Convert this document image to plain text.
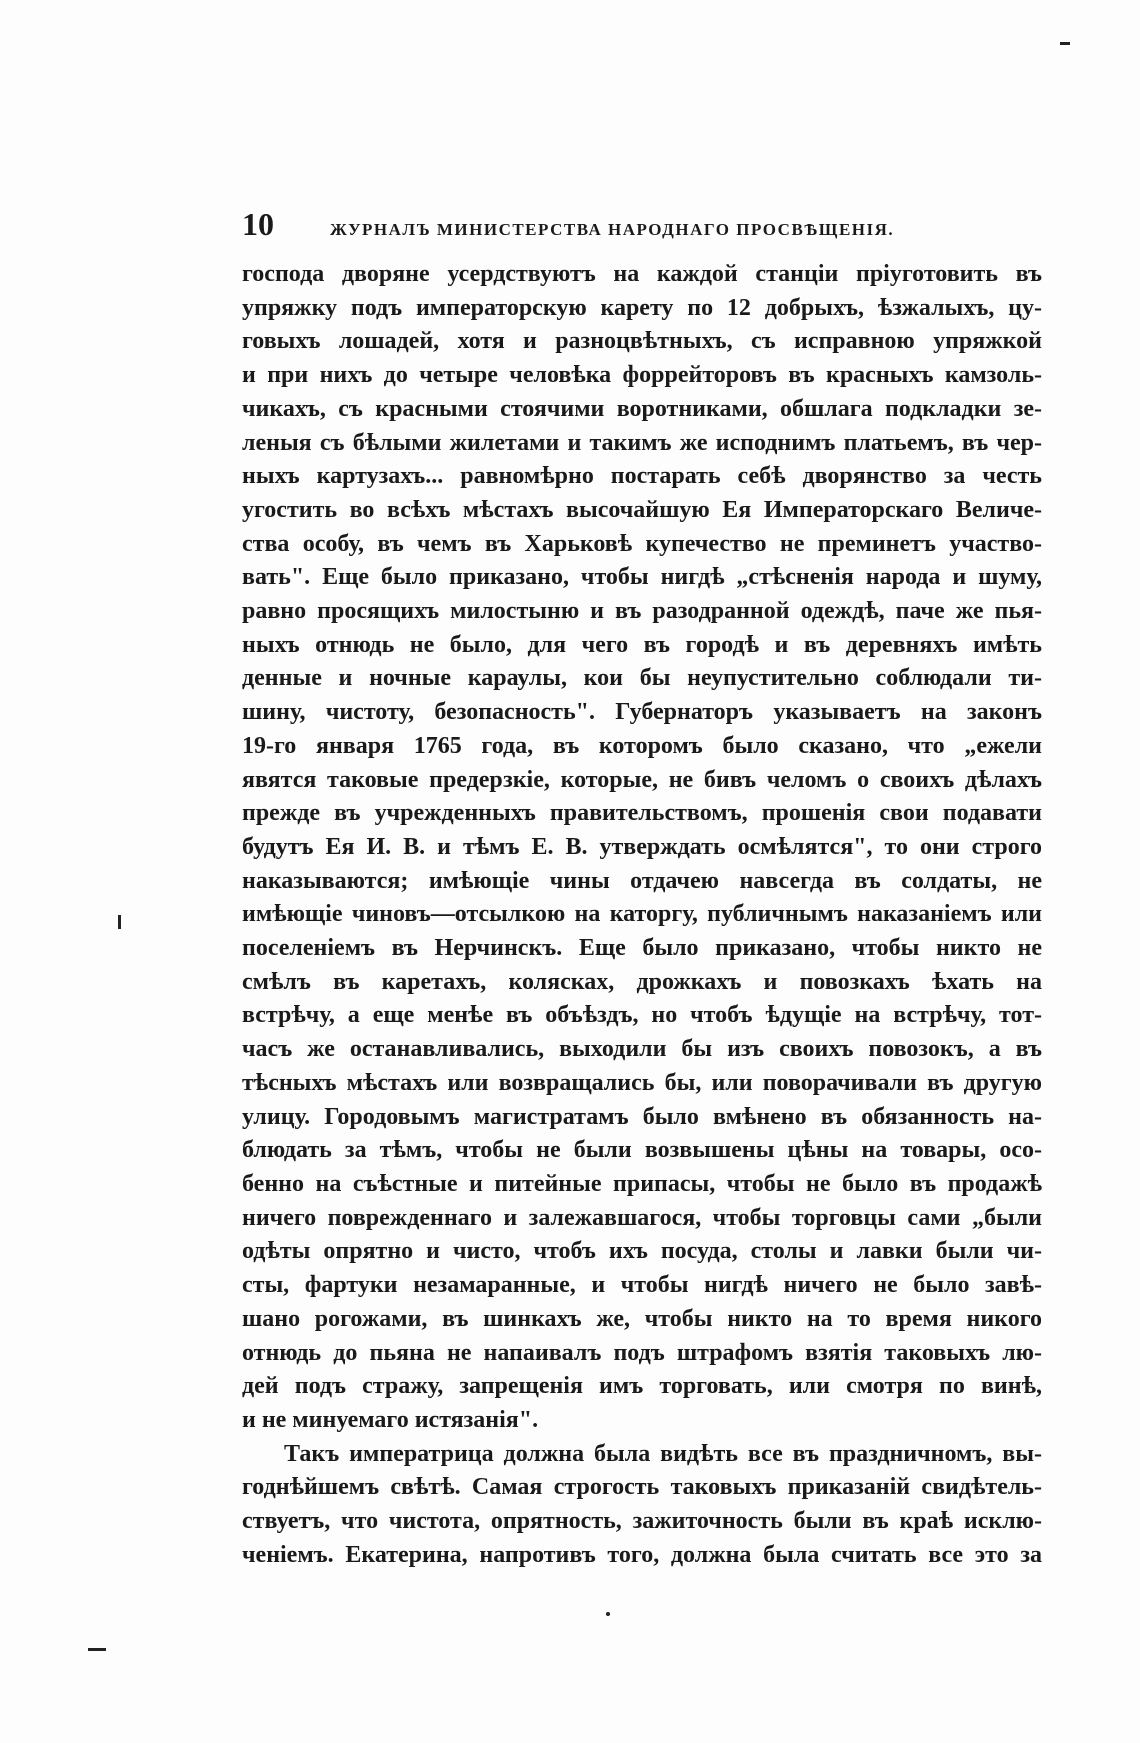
10	ЖУРНАЛЪ МИНИСТЕРСТВА НАРОДНАГО ПРОСВѢЩЕНІЯ.
господа дворяне усердствуютъ на каждой станціи пріуготовить въ
упряжку подъ императорскую карету по 12 добрыхъ, ѣзжалыхъ, цу-
говыхъ лошадей, хотя и разноцвѣтныхъ, съ исправною упряжкой
и при нихъ до четыре человѣка форрейторовъ въ красныхъ камзоль-
чикахъ, съ красными стоячими воротниками, обшлага подкладки зе-
леныя съ бѣлыми жилетами и такимъ же исподнимъ платьемъ, въ чер-
ныхъ картузахъ... равномѣрно постарать себѣ дворянство за честь
угостить во всѣхъ мѣстахъ высочайшую Ея Императорскаго Величе-
ства особу, въ чемъ въ Харьковѣ купечество не преминетъ участво-
вать". Еще было приказано, чтобы нигдѣ „стѣсненія народа и шуму,
равно просящихъ милостыню и въ разодранной одеждѣ, паче же пья-
ныхъ отнюдь не было, для чего въ городѣ и въ деревняхъ имѣть
денные и ночные караулы, кои бы неупустительно соблюдали ти-
шину, чистоту, безопасность". Губернаторъ указываетъ на законъ
19-го января 1765 года, въ которомъ было сказано, что „ежели
явятся таковые предерзкіе, которые, не бивъ челомъ о своихъ дѣлахъ
прежде въ учрежденныхъ правительствомъ, прошенія свои подавати
будутъ Ея И. В. и тѣмъ Е. В. утверждать осмѣлятся", то они строго
наказываются; имѣющіе чины отдачею навсегда въ солдаты, не
имѣющіе чиновъ—отсылкою на каторгу, публичнымъ наказаніемъ или
поселеніемъ въ Нерчинскъ. Еще было приказано, чтобы никто не
смѣлъ въ каретахъ, колясках, дрожкахъ и повозкахъ ѣхать на
встрѣчу, а еще менѣе въ объѣздъ, но чтобъ ѣдущіе на встрѣчу, тот-
часъ же останавливались, выходили бы изъ своихъ повозокъ, а въ
тѣсныхъ мѣстахъ или возвращались бы, или поворачивали въ другую
улицу. Городовымъ магистратамъ было вмѣнено въ обязанность на-
блюдать за тѣмъ, чтобы не были возвышены цѣны на товары, осо-
бенно на съѣстные и питейные припасы, чтобы не было въ продажѣ
ничего поврежденнаго и залежавшагося, чтобы торговцы сами „были
одѣты опрятно и чисто, чтобъ ихъ посуда, столы и лавки были чи-
сты, фартуки незамаранные, и чтобы нигдѣ ничего не было завѣ-
шано рогожами, въ шинкахъ же, чтобы никто на то время никого
отнюдь до пьяна не напаивалъ подъ штрафомъ взятія таковыхъ лю-
дей подъ стражу, запрещенія имъ торговать, или смотря по винѣ,
и не минуемаго истязанія".
Такъ императрица должна была видѣть все въ праздничномъ, вы-
годнѣйшемъ свѣтѣ. Самая строгость таковыхъ приказаній свидѣтель-
ствуетъ, что чистота, опрятность, зажиточность были въ краѣ исклю-
ченіемъ. Екатерина, напротивъ того, должна была считать все это за
